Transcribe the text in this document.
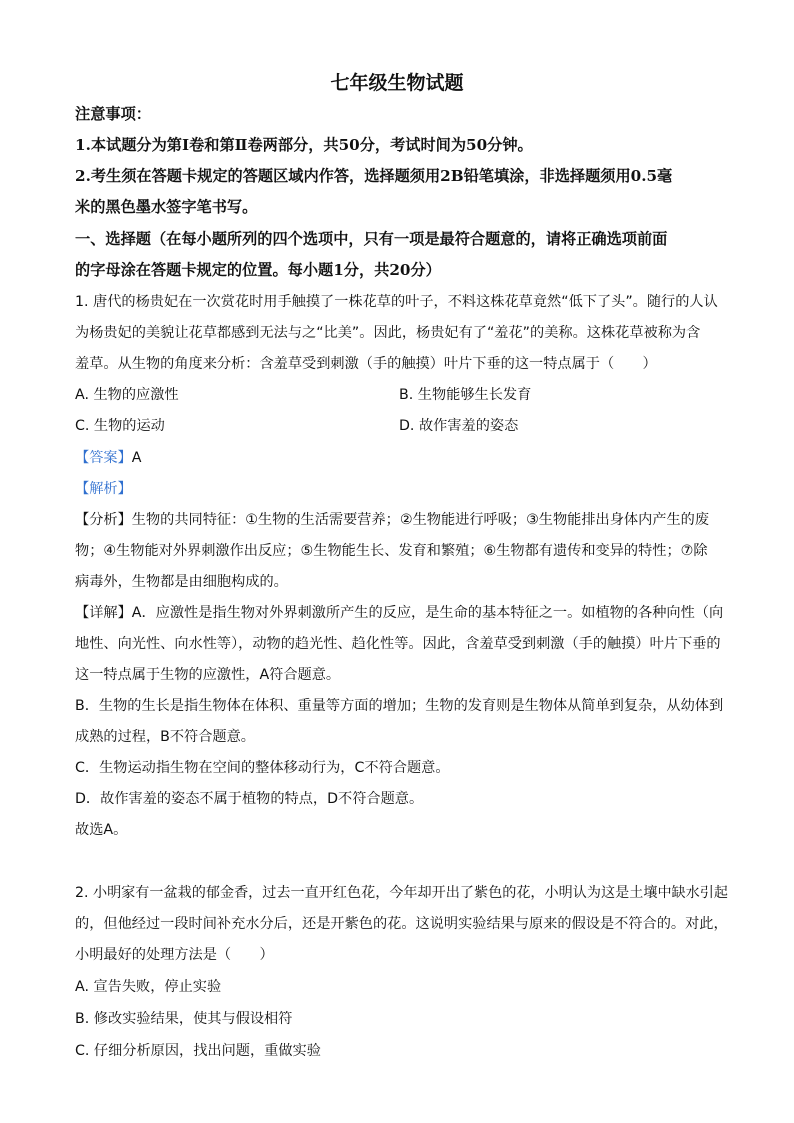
七年级生物试题
注意事项：
1.本试题分为第Ⅰ卷和第Ⅱ卷两部分，共50分，考试时间为50分钟。
2.考生须在答题卡规定的答题区域内作答，选择题须用2B铅笔填涂，非选择题须用0.5毫
米的黑色墨水签字笔书写。
一、选择题（在每小题所列的四个选项中，只有一项是最符合题意的，请将正确选项前面
的字母涂在答题卡规定的位置。每小题1分，共20分）
1. 唐代的杨贵妃在一次赏花时用手触摸了一株花草的叶子，不料这株花草竟然“低下了头”。随行的人认
为杨贵妃的美貌让花草都感到无法与之“比美”。因此，杨贵妃有了“羞花”的美称。这株花草被称为含
羞草。从生物的角度来分析：含羞草受到刺激（手的触摸）叶片下垂的这一特点属于（　　）
A. 生物的应激性	B. 生物能够生长发育
C. 生物的运动	D. 故作害羞的姿态
【答案】A
【解析】
【分析】生物的共同特征：①生物的生活需要营养；②生物能进行呼吸；③生物能排出身体内产生的废
物；④生物能对外界刺激作出反应；⑤生物能生长、发育和繁殖；⑥生物都有遗传和变异的特性；⑦除
病毒外，生物都是由细胞构成的。
【详解】A．应激性是指生物对外界刺激所产生的反应，是生命的基本特征之一。如植物的各种向性（向
地性、向光性、向水性等），动物的趋光性、趋化性等。因此，含羞草受到刺激（手的触摸）叶片下垂的
这一特点属于生物的应激性，A符合题意。
B．生物的生长是指生物体在体积、重量等方面的增加；生物的发育则是生物体从简单到复杂，从幼体到
成熟的过程，B不符合题意。
C．生物运动指生物在空间的整体移动行为，C不符合题意。
D．故作害羞的姿态不属于植物的特点，D不符合题意。
故选A。
2. 小明家有一盆栽的郁金香，过去一直开红色花，今年却开出了紫色的花，小明认为这是土壤中缺水引起
的，但他经过一段时间补充水分后，还是开紫色的花。这说明实验结果与原来的假设是不符合的。对此，
小明最好的处理方法是（　　）
A. 宣告失败，停止实验
B. 修改实验结果，使其与假设相符
C. 仔细分析原因，找出问题，重做实验
